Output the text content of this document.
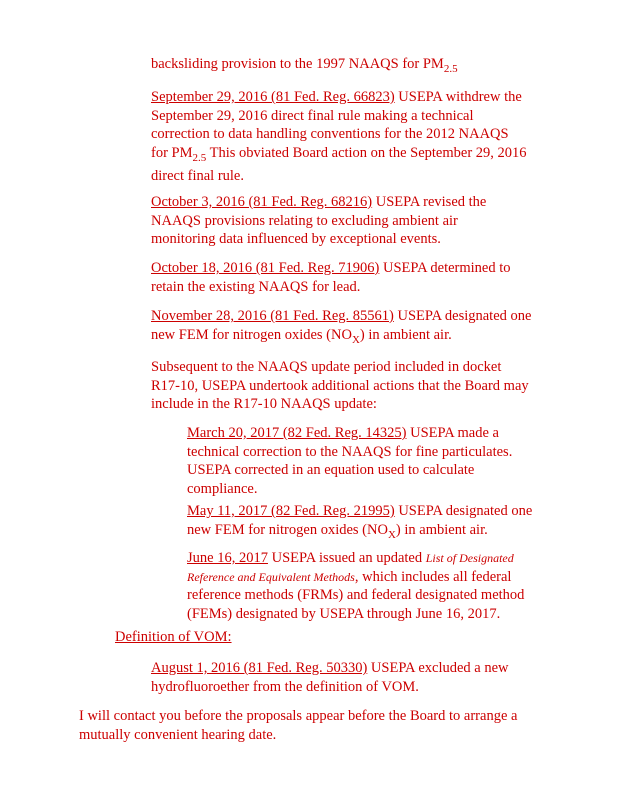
backsliding provision to the 1997 NAAQS for $PM_{2.5}$

September 29, 2016 (81 Fed. Reg. 66823) USEPA withdrew the
September 29, 2016 direct final rule making a technical
correction to data handling conventions for the 2012 NAAQS
for $PM_{2.5}$ This obviated Board action on the September 29, 2016
direct final rule.
October 3, 2016 (81 Fed. Reg. 68216) USEPA revised the
NAAQS provisions relating to excluding ambient air
monitoring data influenced by exceptional events.
October 18, 2016 (81 Fed. Reg. 71906) USEPA determined to
retain the existing NAAQS for lead.
November 28, 2016 (81 Fed. Reg. 85561) USEPA designated one
new FEM for nitrogen oxides $(NO_X)$ in ambient air.
Subsequent to the NAAQS update period included in docket
R17-10, USEPA undertook additional actions that the Board may
include in the R17-10 NAAQS update:
March 20, 2017 (82 Fed. Reg. 14325) USEPA made a
technical correction to the NAAQS for fine particulates.
USEPA corrected in an equation used to calculate
compliance.
May 11, 2017 (82 Fed. Reg. 21995) USEPA designated one
new FEM for nitrogen oxides $(NO_X)$ in ambient air.
June 16, 2017 USEPA issued an updated List of Designated
Reference and Equivalent Methods, which includes all federal
reference methods (FRMs) and federal designated method
(FEMs) designated by USEPA through June 16, 2017.

Definition of VOM:

August 1, 2016 (81 Fed. Reg. 50330) USEPA excluded a new
hydrofluoroether from the definition of VOM.
I will contact you before the proposals appear before the Board to arrange a
mutually convenient hearing date.
